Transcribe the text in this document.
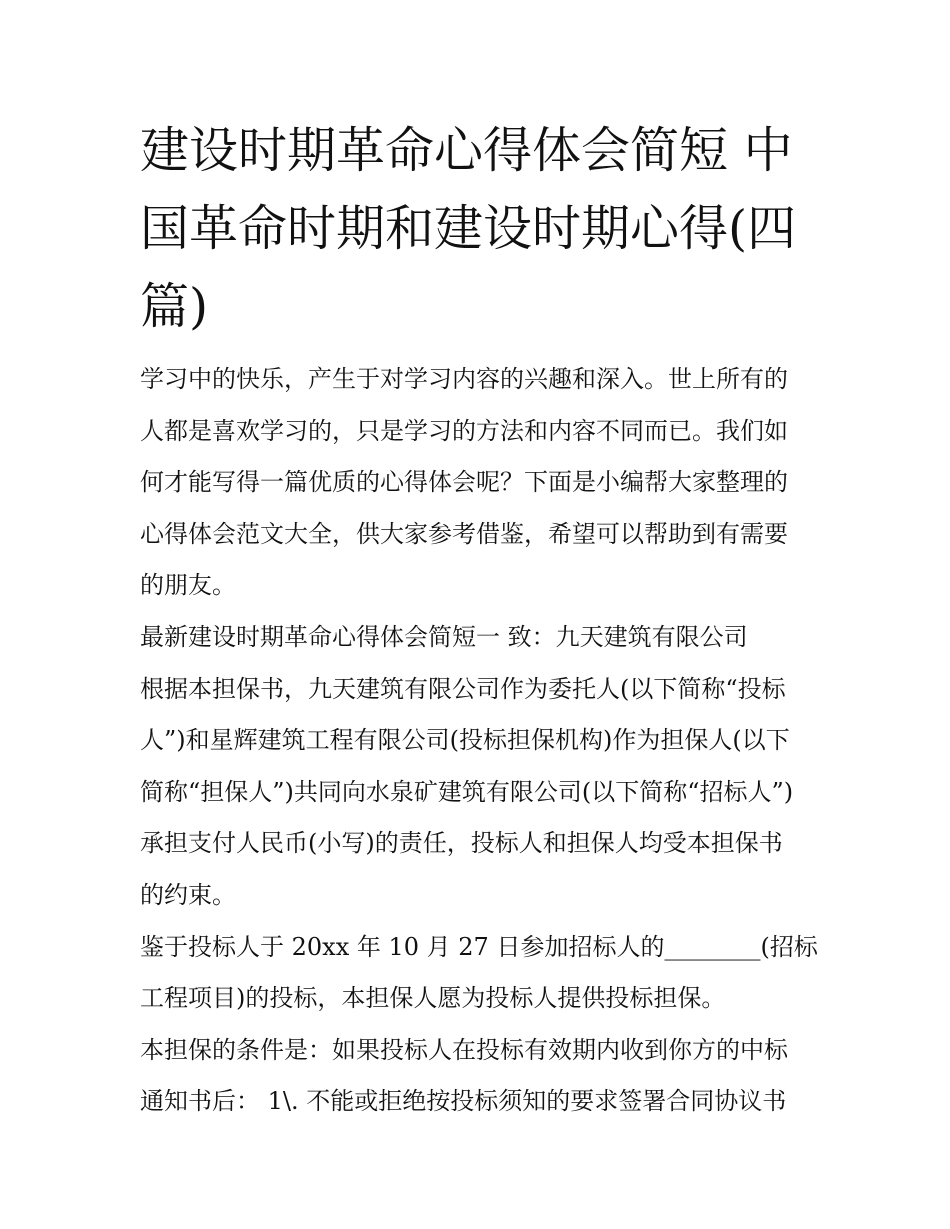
建设时期革命心得体会简短 中
国革命时期和建设时期心得(四
篇)
学习中的快乐，产生于对学习内容的兴趣和深入。世上所有的
人都是喜欢学习的，只是学习的方法和内容不同而已。我们如
何才能写得一篇优质的心得体会呢？下面是小编帮大家整理的
心得体会范文大全，供大家参考借鉴，希望可以帮助到有需要
的朋友。
最新建设时期革命心得体会简短一 致：九天建筑有限公司
根据本担保书，九天建筑有限公司作为委托人(以下简称“投标
人”)和星辉建筑工程有限公司(投标担保机构)作为担保人(以下
简称“担保人”)共同向水泉矿建筑有限公司(以下简称“招标人”)
承担支付人民币(小写)的责任，投标人和担保人均受本担保书
的约束。
鉴于投标人于 20xx 年 10 月 27 日参加招标人的________(招标
工程项目)的投标，本担保人愿为投标人提供投标担保。
本担保的条件是：如果投标人在投标有效期内收到你方的中标
通知书后： 1\. 不能或拒绝按投标须知的要求签署合同协议书
